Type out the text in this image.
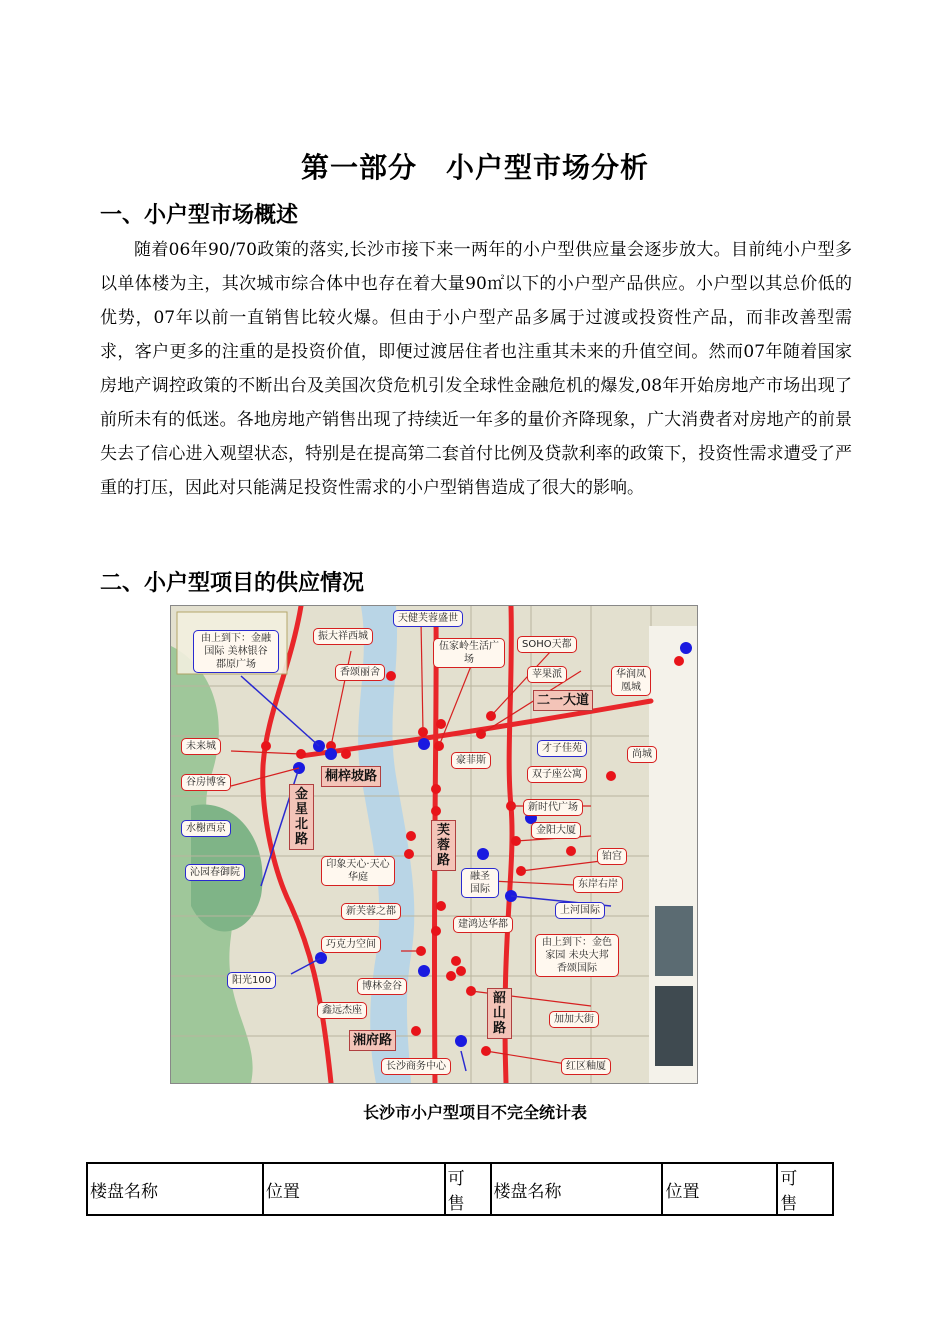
第一部分　小户型市场分析
一、小户型市场概述
随着06年90/70政策的落实,长沙市接下来一两年的小户型供应量会逐步放大。目前纯小户型多以单体楼为主，其次城市综合体中也存在着大量90㎡以下的小户型产品供应。小户型以其总价低的优势，07年以前一直销售比较火爆。但由于小户型产品多属于过渡或投资性产品，而非改善型需求，客户更多的注重的是投资价值，即便过渡居住者也注重其未来的升值空间。然而07年随着国家房地产调控政策的不断出台及美国次贷危机引发全球性金融危机的爆发,08年开始房地产市场出现了前所未有的低迷。各地房地产销售出现了持续近一年多的量价齐降现象，广大消费者对房地产的前景失去了信心进入观望状态，特别是在提高第二套首付比例及贷款利率的政策下，投资性需求遭受了严重的打压，因此对只能满足投资性需求的小户型销售造成了很大的影响。
二、小户型项目的供应情况
由上到下：金融国际 美林银谷 郡原广场
振大祥西城
天健芙蓉盛世
伍家岭生活广场
SOHO天都
香颂丽舍	苹果派	华润凤凰城
未来城
尚城
才子佳苑
豪菲斯
谷房博客
双子座公寓
新时代广场
水榭西京	金阳大厦
铂宫
印象天心·天心华庭
沁园春御院
东岸右岸
融圣国际
新芙蓉之都	上河国际
建鸿达华都
巧克力空间	由上到下：金色家园 未央大邦 香颂国际
阳光100
博林金谷
加加大街
鑫远杰座
长沙商务中心	红区釉厦
二一大道
桐梓坡路
金星北路
芙蓉路
韶山路
湘府路
长沙市小户型项目不完全统计表
楼盘名称	位置	可　售	楼盘名称	位置	可　售
